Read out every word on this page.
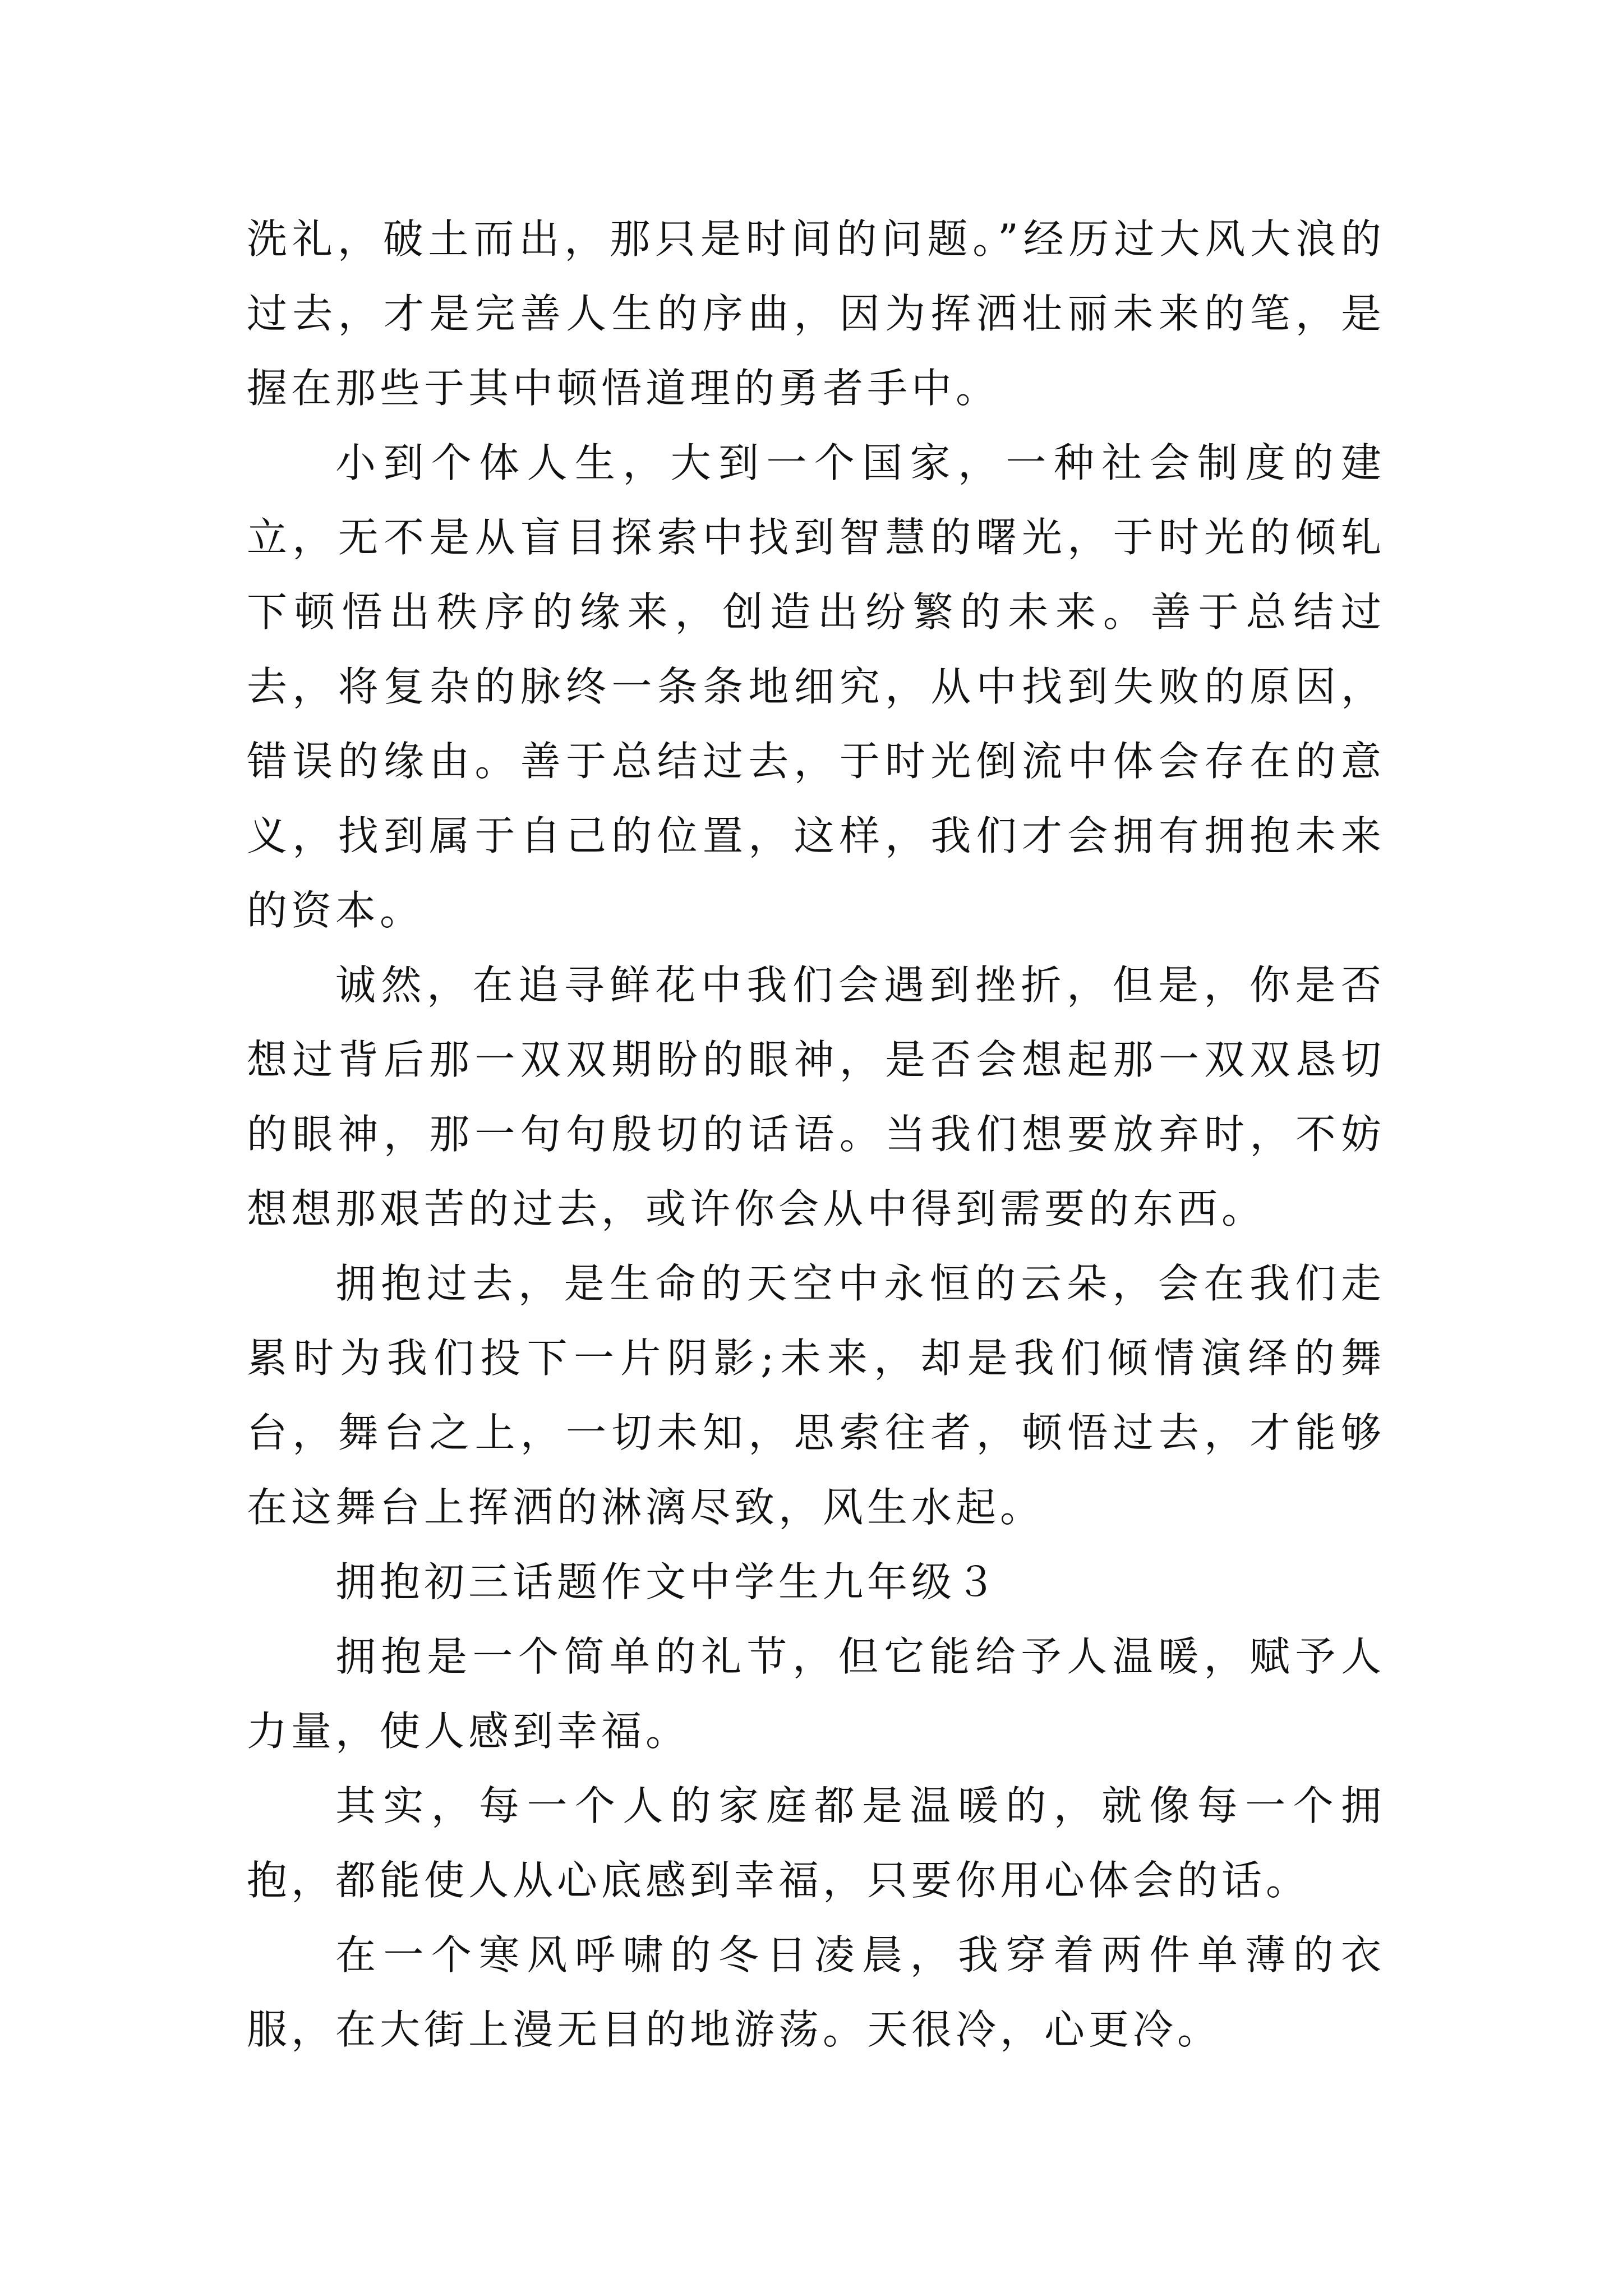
洗礼，破土而出，那只是时间的问题。”经历过大风大浪的过去，才是完善人生的序曲，因为挥洒壮丽未来的笔，是握在那些于其中顿悟道理的勇者手中。

小到个体人生，大到一个国家，一种社会制度的建立，无不是从盲目探索中找到智慧的曙光，于时光的倾轧下顿悟出秩序的缘来，创造出纷繁的未来。善于总结过去，将复杂的脉终一条条地细究，从中找到失败的原因，错误的缘由。善于总结过去，于时光倒流中体会存在的意义，找到属于自己的位置，这样，我们才会拥有拥抱未来的资本。

诚然，在追寻鲜花中我们会遇到挫折，但是，你是否想过背后那一双双期盼的眼神，是否会想起那一双双恳切的眼神，那一句句殷切的话语。当我们想要放弃时，不妨想想那艰苦的过去，或许你会从中得到需要的东西。

拥抱过去，是生命的天空中永恒的云朵，会在我们走累时为我们投下一片阴影;未来，却是我们倾情演绎的舞台，舞台之上，一切未知，思索往者，顿悟过去，才能够在这舞台上挥洒的淋漓尽致，风生水起。

拥抱初三话题作文中学生九年级３

拥抱是一个简单的礼节，但它能给予人温暖，赋予人力量，使人感到幸福。

其实，每一个人的家庭都是温暖的，就像每一个拥抱，都能使人从心底感到幸福，只要你用心体会的话。

在一个寒风呼啸的冬日凌晨，我穿着两件单薄的衣服，在大街上漫无目的地游荡。天很冷，心更冷。
